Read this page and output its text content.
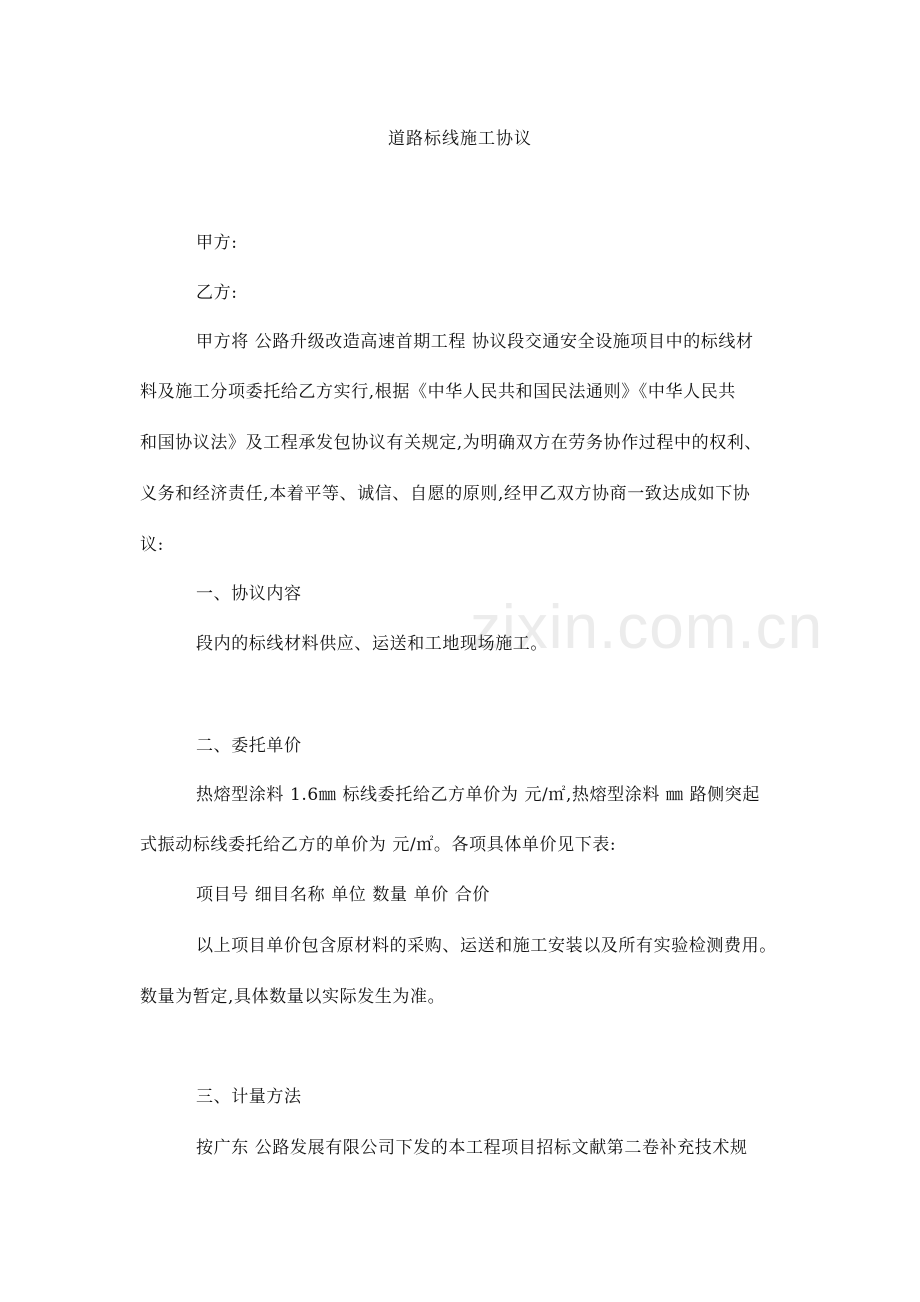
zixin.com.cn
道路标线施工协议
甲方:
乙方:
甲方将 公路升级改造高速首期工程 协议段交通安全设施项目中的标线材
料及施工分项委托给乙方实行,根据《中华人民共和国民法通则》《中华人民共
和国协议法》及工程承发包协议有关规定,为明确双方在劳务协作过程中的权利、
义务和经济责任,本着平等、诚信、自愿的原则,经甲乙双方协商一致达成如下协
议:
一、协议内容
段内的标线材料供应、运送和工地现场施工。
二、委托单价
热熔型涂料 1.6㎜ 标线委托给乙方单价为 元/㎡,热熔型涂料 ㎜ 路侧突起
式振动标线委托给乙方的单价为 元/㎡。各项具体单价见下表:
项目号 细目名称 单位 数量 单价 合价
以上项目单价包含原材料的采购、运送和施工安装以及所有实验检测费用。
数量为暂定,具体数量以实际发生为准。
三、计量方法
按广东 公路发展有限公司下发的本工程项目招标文献第二卷补充技术规
